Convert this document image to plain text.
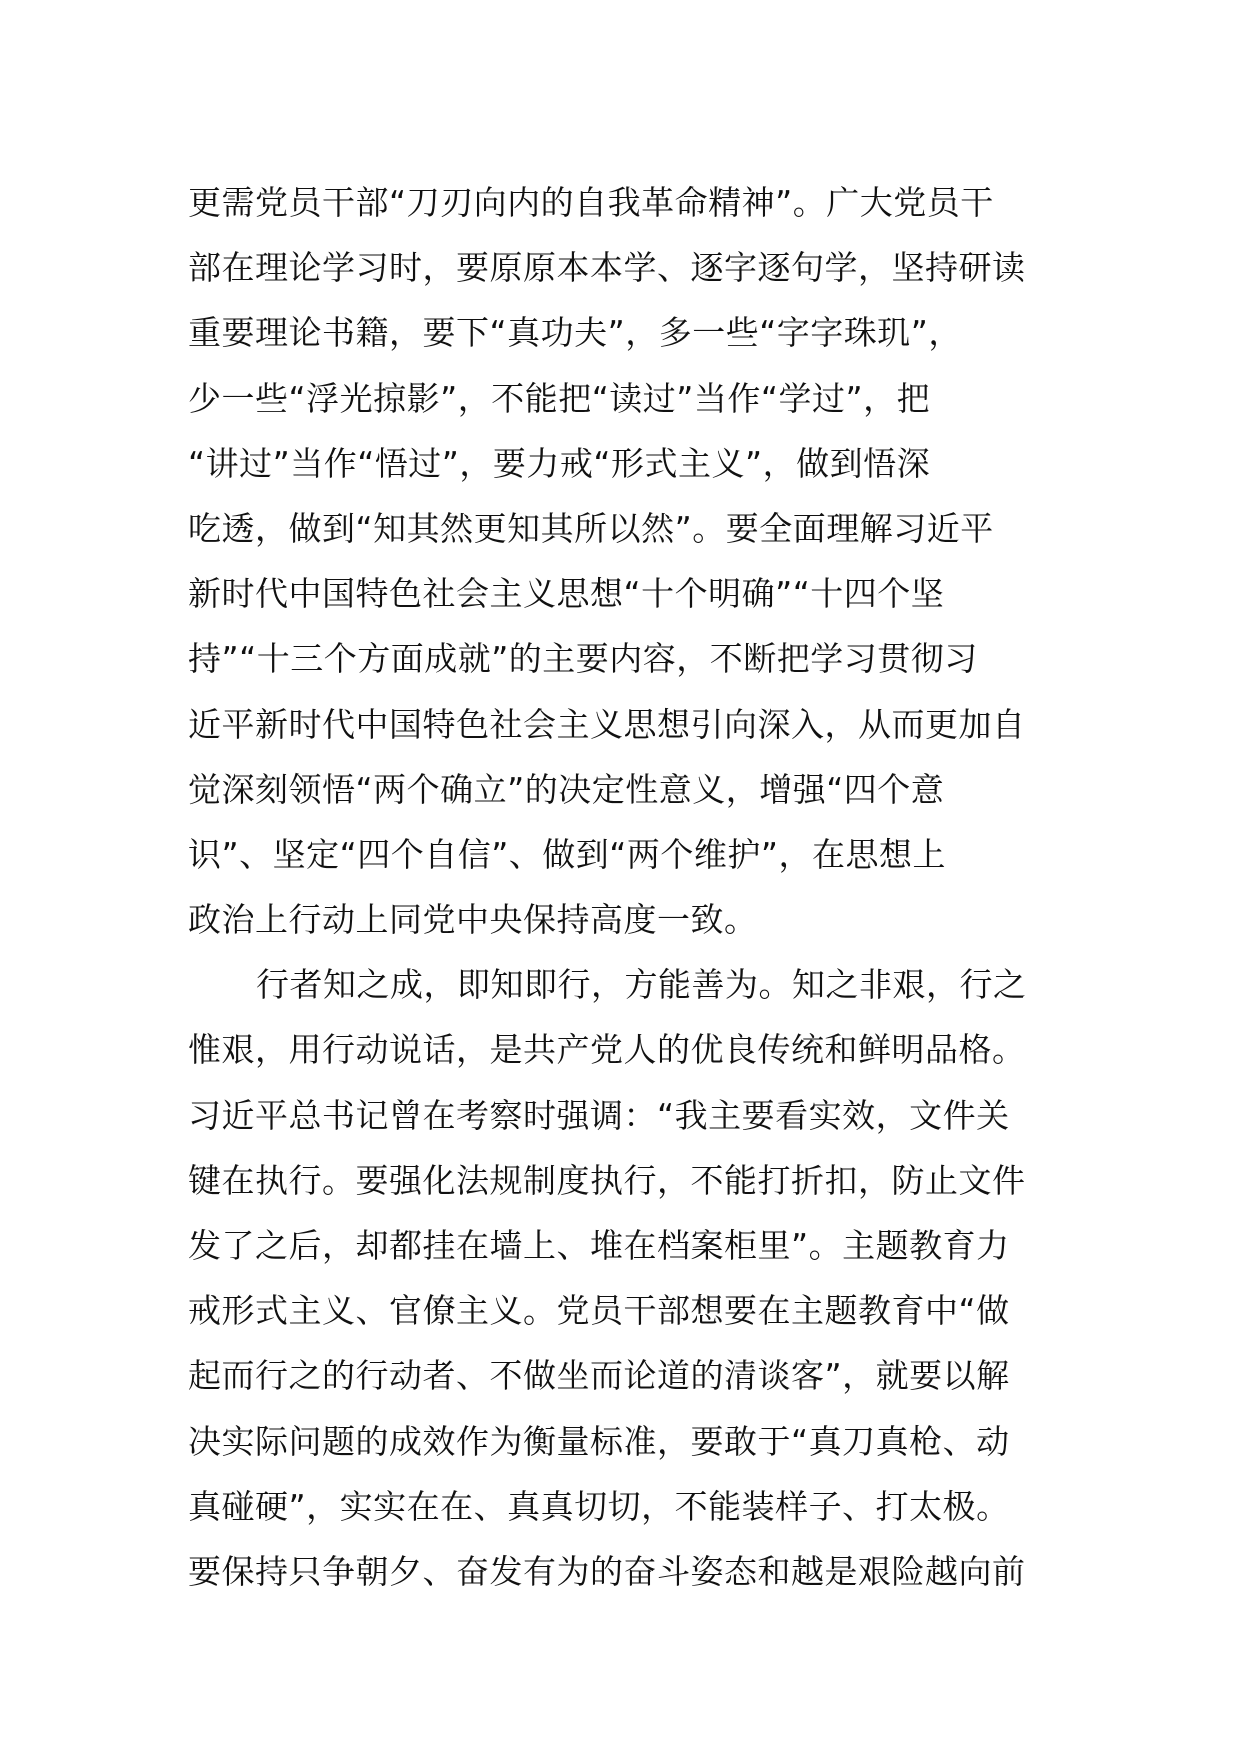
更需党员干部“刀刃向内的自我革命精神”。广大党员干
部在理论学习时，要原原本本学、逐字逐句学，坚持研读
重要理论书籍，要下“真功夫”，多一些“字字珠玑”，
少一些“浮光掠影”，不能把“读过”当作“学过”，把
“讲过”当作“悟过”，要力戒“形式主义”，做到悟深
吃透，做到“知其然更知其所以然”。要全面理解习近平
新时代中国特色社会主义思想“十个明确”“十四个坚
持”“十三个方面成就”的主要内容，不断把学习贯彻习
近平新时代中国特色社会主义思想引向深入，从而更加自
觉深刻领悟“两个确立”的决定性意义，增强“四个意
识”、坚定“四个自信”、做到“两个维护”，在思想上
政治上行动上同党中央保持高度一致。
行者知之成，即知即行，方能善为。知之非艰，行之
惟艰，用行动说话，是共产党人的优良传统和鲜明品格。
习近平总书记曾在考察时强调：“我主要看实效，文件关
键在执行。要强化法规制度执行，不能打折扣，防止文件
发了之后，却都挂在墙上、堆在档案柜里”。主题教育力
戒形式主义、官僚主义。党员干部想要在主题教育中“做
起而行之的行动者、不做坐而论道的清谈客”，就要以解
决实际问题的成效作为衡量标准，要敢于“真刀真枪、动
真碰硬”，实实在在、真真切切，不能装样子、打太极。
要保持只争朝夕、奋发有为的奋斗姿态和越是艰险越向前
